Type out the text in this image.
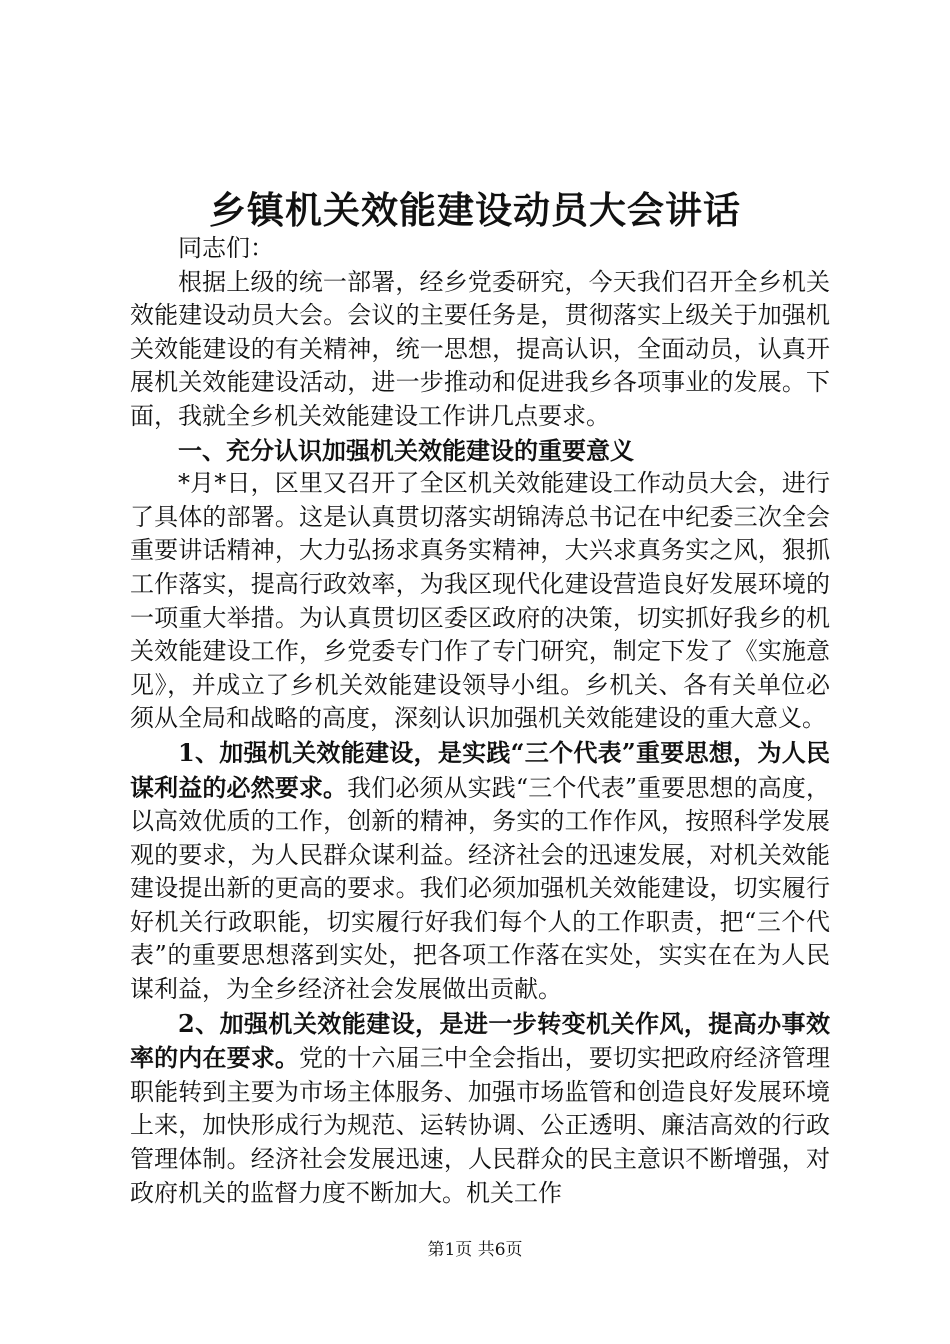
乡镇机关效能建设动员大会讲话

同志们：

根据上级的统一部署，经乡党委研究，今天我们召开全乡机关效能建设动员大会。会议的主要任务是，贯彻落实上级关于加强机关效能建设的有关精神，统一思想，提高认识，全面动员，认真开展机关效能建设活动，进一步推动和促进我乡各项事业的发展。下面，我就全乡机关效能建设工作讲几点要求。

一、充分认识加强机关效能建设的重要意义

*月*日，区里又召开了全区机关效能建设工作动员大会，进行了具体的部署。这是认真贯切落实胡锦涛总书记在中纪委三次全会重要讲话精神，大力弘扬求真务实精神，大兴求真务实之风，狠抓工作落实，提高行政效率，为我区现代化建设营造良好发展环境的一项重大举措。为认真贯切区委区政府的决策，切实抓好我乡的机关效能建设工作，乡党委专门作了专门研究，制定下发了《实施意见》，并成立了乡机关效能建设领导小组。乡机关、各有关单位必须从全局和战略的高度，深刻认识加强机关效能建设的重大意义。

1、加强机关效能建设，是实践“三个代表”重要思想，为人民谋利益的必然要求。我们必须从实践“三个代表”重要思想的高度，以高效优质的工作，创新的精神，务实的工作作风，按照科学发展观的要求，为人民群众谋利益。经济社会的迅速发展，对机关效能建设提出新的更高的要求。我们必须加强机关效能建设，切实履行好机关行政职能，切实履行好我们每个人的工作职责，把“三个代表”的重要思想落到实处，把各项工作落在实处，实实在在为人民谋利益，为全乡经济社会发展做出贡献。

2、加强机关效能建设，是进一步转变机关作风，提高办事效率的内在要求。党的十六届三中全会指出，要切实把政府经济管理职能转到主要为市场主体服务、加强市场监管和创造良好发展环境上来，加快形成行为规范、运转协调、公正透明、廉洁高效的行政管理体制。经济社会发展迅速，人民群众的民主意识不断增强，对政府机关的监督力度不断加大。机关工作

第1页 共6页
